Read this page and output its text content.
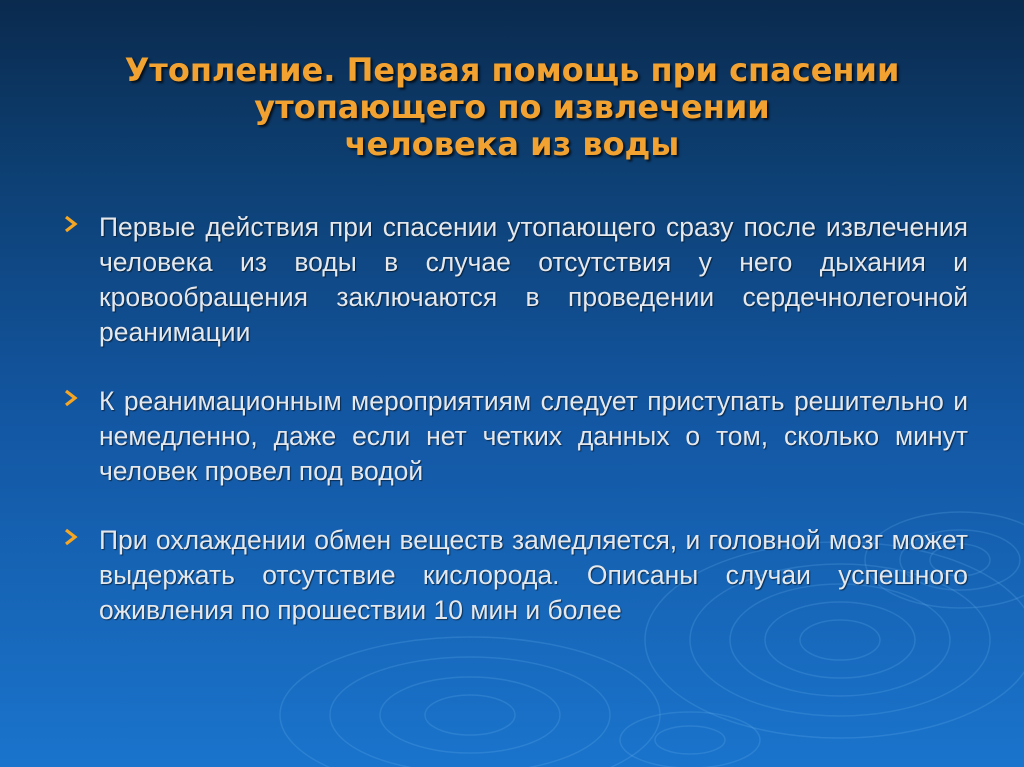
Утопление. Первая помощь при спасении
утопающего по извлечении
человека из воды
Первые действия при спасении утопающего сразу после извлечения человека из воды в случае отсутствия у него дыхания и кровообращения заключаются в проведении сердечнолегочной реанимации
К реанимационным мероприятиям следует приступать решительно и немедленно, даже если нет четких данных о том, сколько минут человек провел под водой
При охлаждении обмен веществ замедляется, и головной мозг может выдержать отсутствие кислорода. Описаны случаи успешного оживления по прошествии 10 мин и более
